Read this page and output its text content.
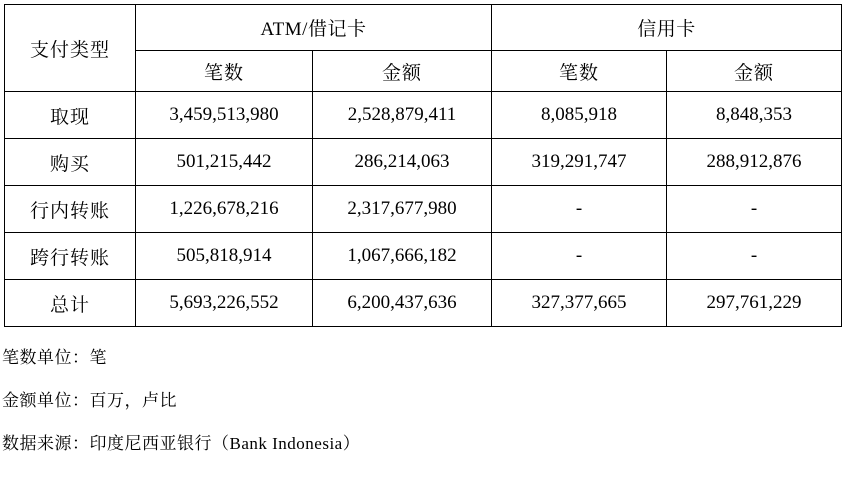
支付类型	ATM/借记卡		信用卡	
	笔数	金额	笔数	金额
取现	3,459,513,980	2,528,879,411	8,085,918	8,848,353
购买	501,215,442	286,214,063	319,291,747	288,912,876
行内转账	1,226,678,216	2,317,677,980	-	-
跨行转账	505,818,914	1,067,666,182	-	-
总计	5,693,226,552	6,200,437,636	327,377,665	297,761,229
笔数单位：笔
金额单位：百万，卢比
数据来源：印度尼西亚银行（Bank Indonesia）
